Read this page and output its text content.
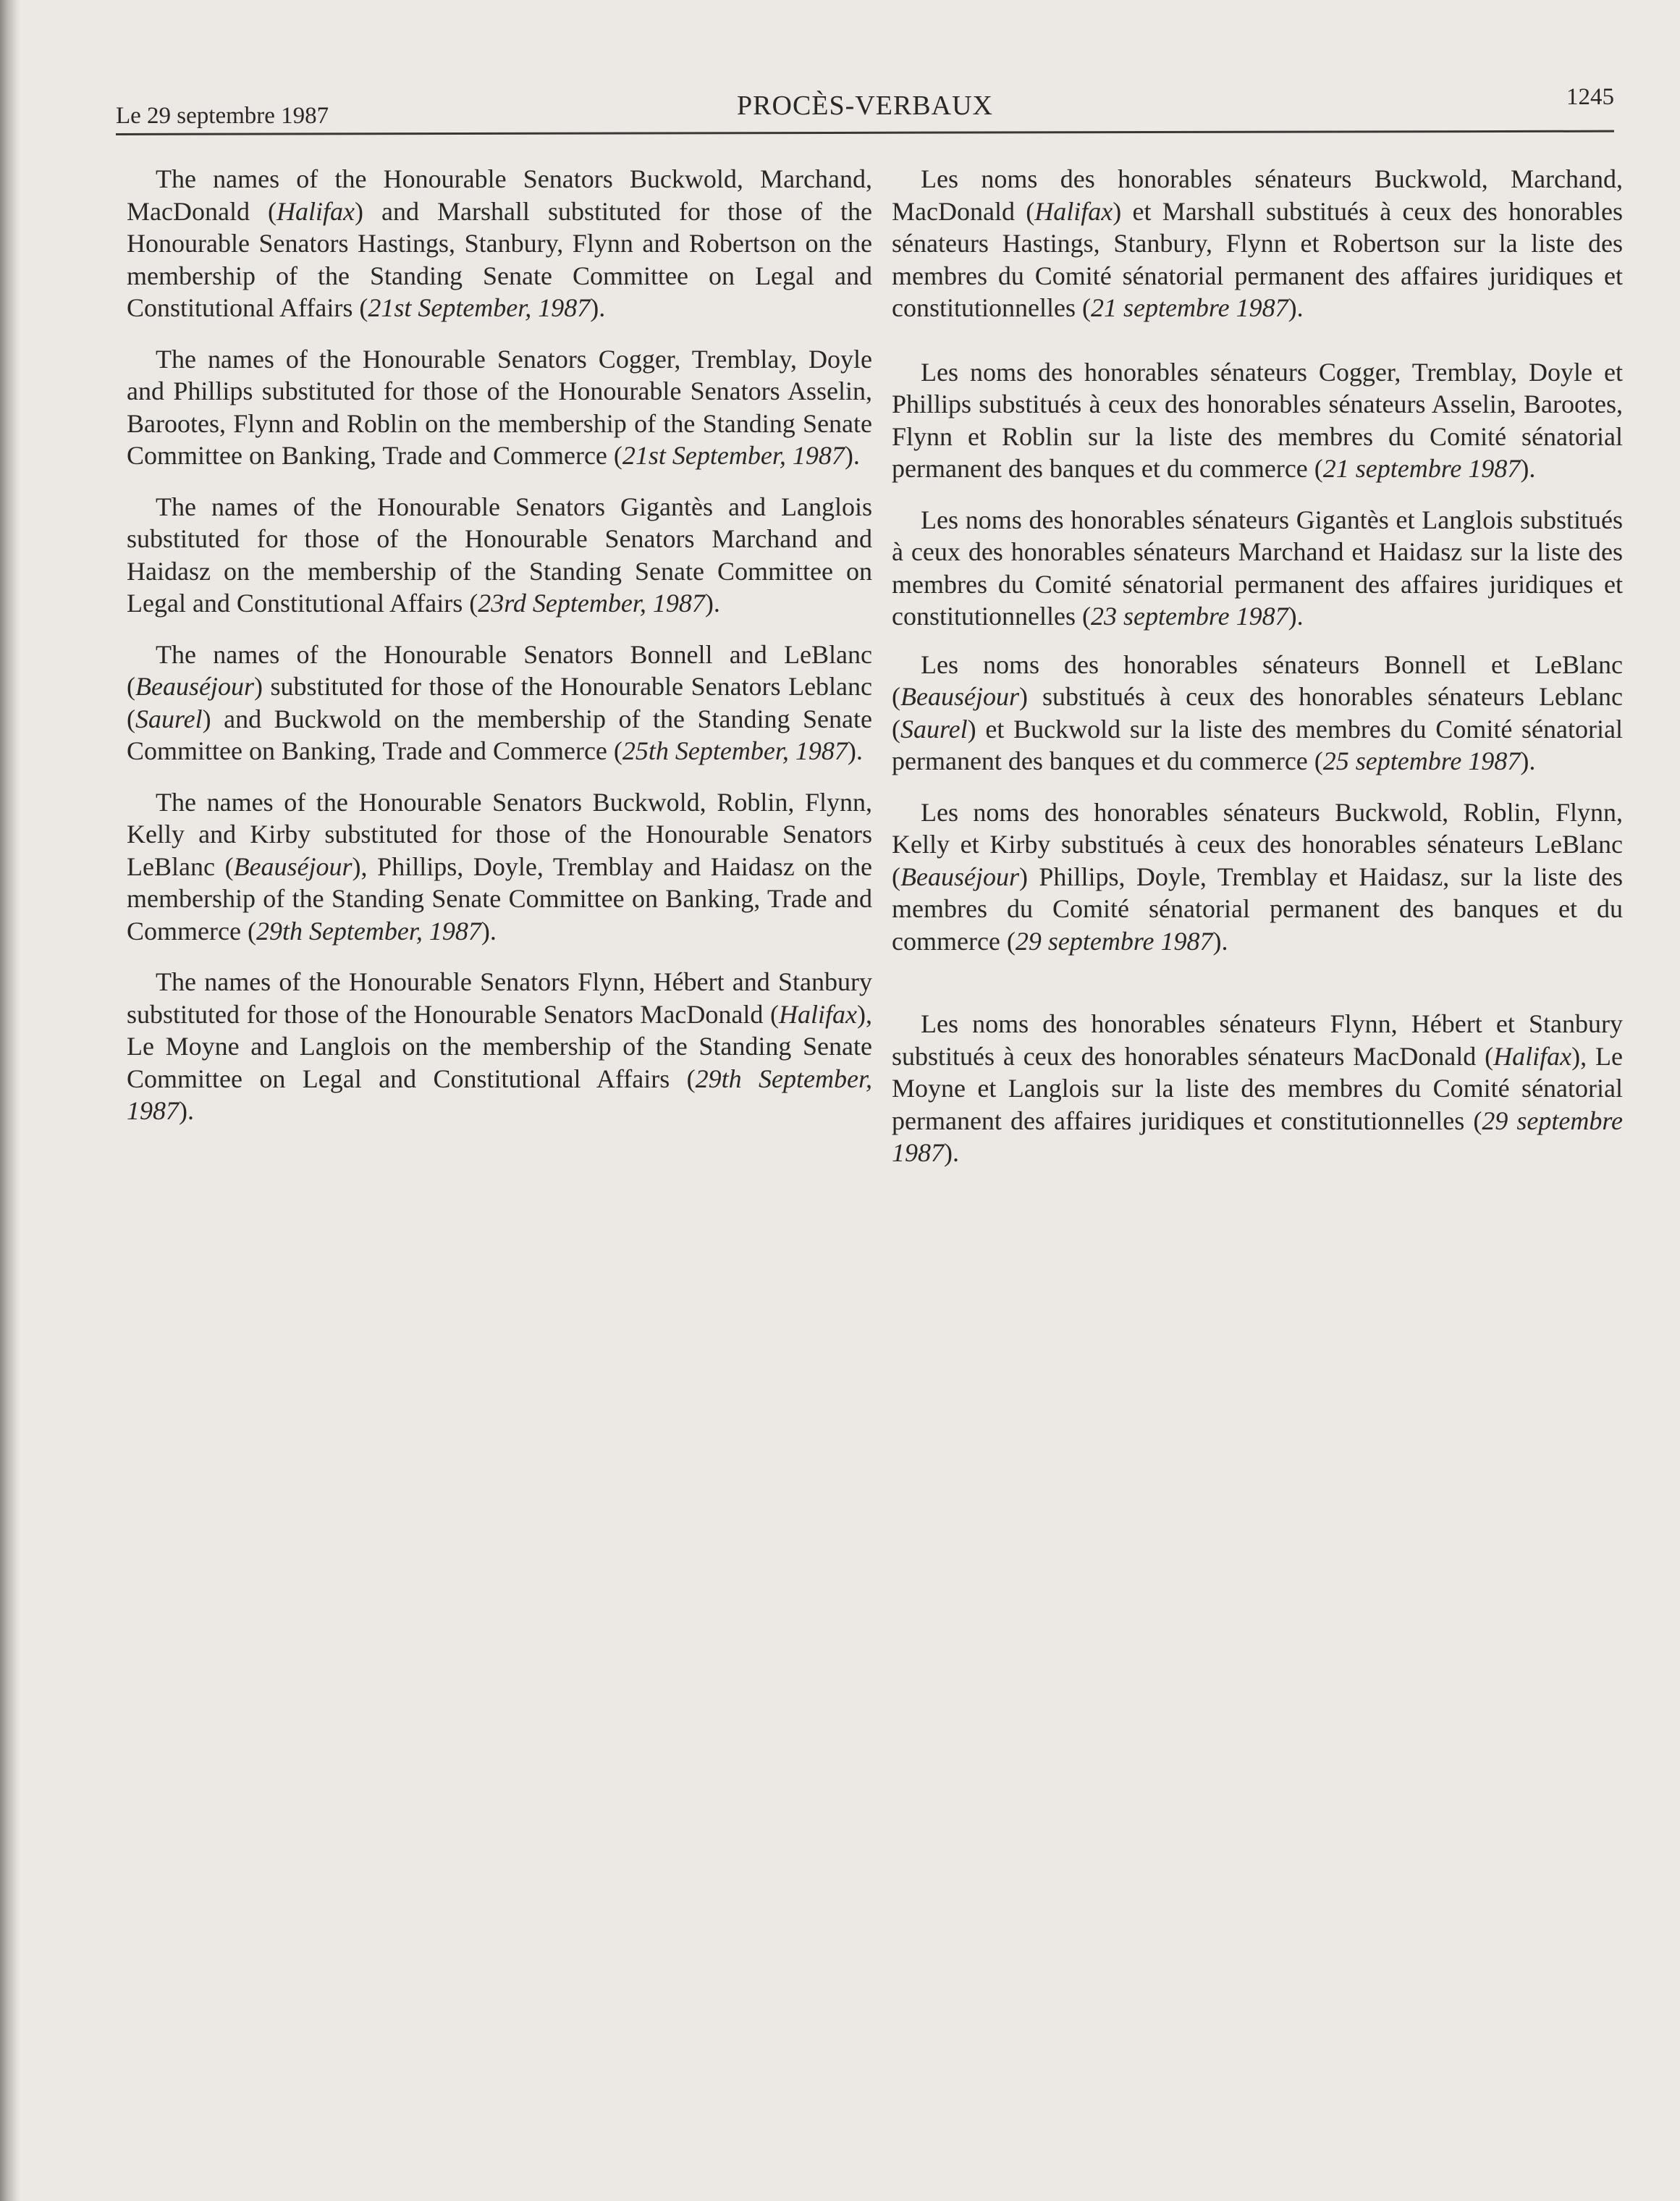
Le 29 septembre 1987	PROCÈS-VERBAUX	1245

The names of the Honourable Senators Buckwold, Marchand, MacDonald (Halifax) and Marshall substituted for those of the Honourable Senators Hastings, Stanbury, Flynn and Robertson on the membership of the Standing Senate Committee on Legal and Constitutional Affairs (21st September, 1987).

The names of the Honourable Senators Cogger, Tremblay, Doyle and Phillips substituted for those of the Honourable Senators Asselin, Barootes, Flynn and Roblin on the membership of the Standing Senate Committee on Banking, Trade and Commerce (21st September, 1987).

The names of the Honourable Senators Gigantès and Langlois substituted for those of the Honourable Senators Marchand and Haidasz on the membership of the Standing Senate Committee on Legal and Constitutional Affairs (23rd September, 1987).

The names of the Honourable Senators Bonnell and LeBlanc (Beauséjour) substituted for those of the Honourable Senators Leblanc (Saurel) and Buckwold on the membership of the Standing Senate Committee on Banking, Trade and Commerce (25th September, 1987).

The names of the Honourable Senators Buckwold, Roblin, Flynn, Kelly and Kirby substituted for those of the Honourable Senators LeBlanc (Beauséjour), Phillips, Doyle, Tremblay and Haidasz on the membership of the Standing Senate Committee on Banking, Trade and Commerce (29th September, 1987).

The names of the Honourable Senators Flynn, Hébert and Stanbury substituted for those of the Honourable Senators MacDonald (Halifax), Le Moyne and Langlois on the membership of the Standing Senate Committee on Legal and Constitutional Affairs (29th September, 1987).

Les noms des honorables sénateurs Buckwold, Marchand, MacDonald (Halifax) et Marshall substitués à ceux des honorables sénateurs Hastings, Stanbury, Flynn et Robertson sur la liste des membres du Comité sénatorial permanent des affaires juridiques et constitutionnelles (21 septembre 1987).

Les noms des honorables sénateurs Cogger, Tremblay, Doyle et Phillips substitués à ceux des honorables sénateurs Asselin, Barootes, Flynn et Roblin sur la liste des membres du Comité sénatorial permanent des banques et du commerce (21 septembre 1987).

Les noms des honorables sénateurs Gigantès et Langlois substitués à ceux des honorables sénateurs Marchand et Haidasz sur la liste des membres du Comité sénatorial permanent des affaires juridiques et constitutionnelles (23 septembre 1987).

Les noms des honorables sénateurs Bonnell et LeBlanc (Beauséjour) substitués à ceux des honorables sénateurs Leblanc (Saurel) et Buckwold sur la liste des membres du Comité sénatorial permanent des banques et du commerce (25 septembre 1987).

Les noms des honorables sénateurs Buckwold, Roblin, Flynn, Kelly et Kirby substitués à ceux des honorables sénateurs LeBlanc (Beauséjour) Phillips, Doyle, Tremblay et Haidasz, sur la liste des membres du Comité sénatorial permanent des banques et du commerce (29 septembre 1987).

Les noms des honorables sénateurs Flynn, Hébert et Stanbury substitués à ceux des honorables sénateurs MacDonald (Halifax), Le Moyne et Langlois sur la liste des membres du Comité sénatorial permanent des affaires juridiques et constitutionnelles (29 septembre 1987).
